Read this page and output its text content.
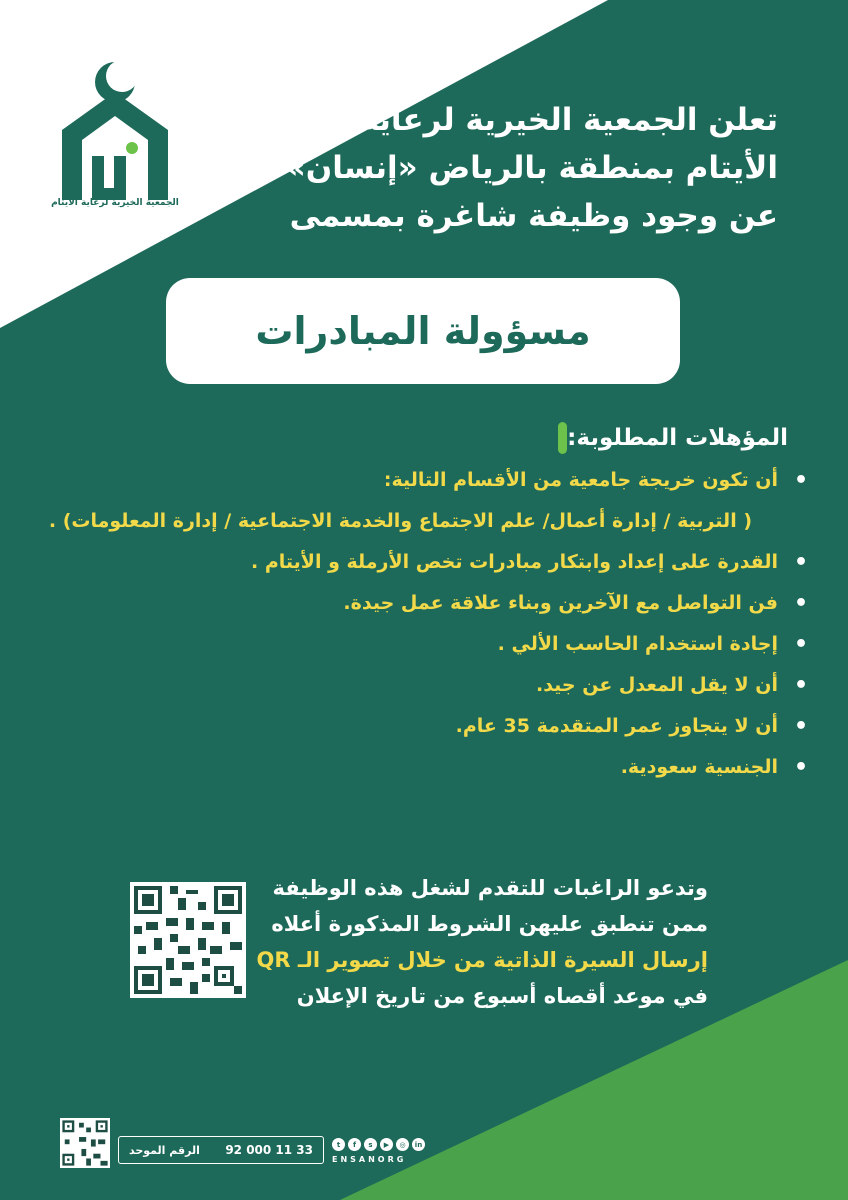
الجمعية الخيرية لرعاية الأيتام
تعلن الجمعية الخيرية لرعاية
الأيتام بمنطقة بالرياض «إنسان»
عن وجود وظيفة شاغرة بمسمى
مسؤولة المبادرات
المؤهلات المطلوبة:
•
أن تكون خريجة جامعية من الأقسام التالية:
( التربية / إدارة أعمال/ علم الاجتماع والخدمة الاجتماعية / إدارة المعلومات) .
•
القدرة على إعداد وابتكار مبادرات تخص الأرملة و الأيتام .
•
فن التواصل مع الآخرين وبناء علاقة عمل جيدة.
•
إجادة استخدام الحاسب الألي .
•
أن لا يقل المعدل عن جيد.
•
أن لا يتجاوز عمر المتقدمة 35 عام.
•
الجنسية سعودية.
وتدعو الراغبات للتقدم لشغل هذه الوظيفة
ممن تنطبق عليهن الشروط المذكورة أعلاه
إرسال السيرة الذاتية من خلال تصوير الـ QR
في موعد أقصاه أسبوع من تاريخ الإعلان
الرقم الموحد 92 000 11 33	t	f	s	▶	◎	in
ENSANORG
